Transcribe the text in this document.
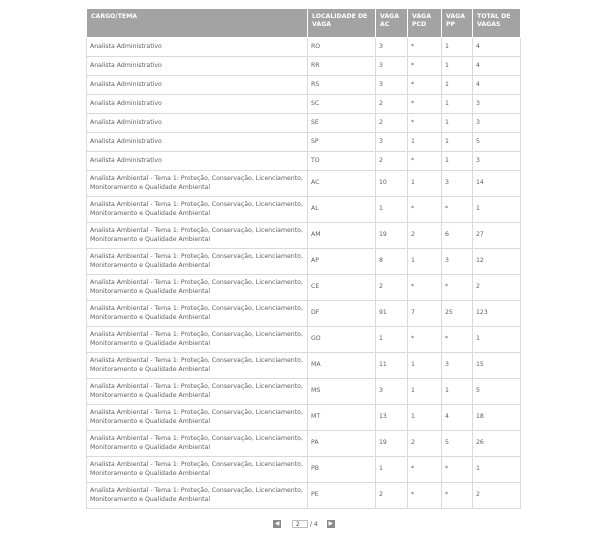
CARGO/TEMA	LOCALIDADE DE VAGA	VAGA AC	VAGA PCD	VAGA PP	TOTAL DE VAGAS
Analista Administrativo	RO	3	*	1	4
Analista Administrativo	RR	3	*	1	4
Analista Administrativo	RS	3	*	1	4
Analista Administrativo	SC	2	*	1	3
Analista Administrativo	SE	2	*	1	3
Analista Administrativo	SP	3	1	1	5
Analista Administrativo	TO	2	*	1	3
Analista Ambiental - Tema 1: Proteção, Conservação, Licenciamento, Monitoramento e Qualidade Ambiental	AC	10	1	3	14
Analista Ambiental - Tema 1: Proteção, Conservação, Licenciamento, Monitoramento e Qualidade Ambiental	AL	1	*	*	1
Analista Ambiental - Tema 1: Proteção, Conservação, Licenciamento, Monitoramento e Qualidade Ambiental	AM	19	2	6	27
Analista Ambiental - Tema 1: Proteção, Conservação, Licenciamento, Monitoramento e Qualidade Ambiental	AP	8	1	3	12
Analista Ambiental - Tema 1: Proteção, Conservação, Licenciamento, Monitoramento e Qualidade Ambiental	CE	2	*	*	2
Analista Ambiental - Tema 1: Proteção, Conservação, Licenciamento, Monitoramento e Qualidade Ambiental	DF	91	7	25	123
Analista Ambiental - Tema 1: Proteção, Conservação, Licenciamento, Monitoramento e Qualidade Ambiental	GO	1	*	*	1
Analista Ambiental - Tema 1: Proteção, Conservação, Licenciamento, Monitoramento e Qualidade Ambiental	MA	11	1	3	15
Analista Ambiental - Tema 1: Proteção, Conservação, Licenciamento, Monitoramento e Qualidade Ambiental	MS	3	1	1	5
Analista Ambiental - Tema 1: Proteção, Conservação, Licenciamento, Monitoramento e Qualidade Ambiental	MT	13	1	4	18
Analista Ambiental - Tema 1: Proteção, Conservação, Licenciamento, Monitoramento e Qualidade Ambiental	PA	19	2	5	26
Analista Ambiental - Tema 1: Proteção, Conservação, Licenciamento, Monitoramento e Qualidade Ambiental	PB	1	*	*	1
Analista Ambiental - Tema 1: Proteção, Conservação, Licenciamento, Monitoramento e Qualidade Ambiental	PE	2	*	*	2
◀	2	/ 4 ▶
